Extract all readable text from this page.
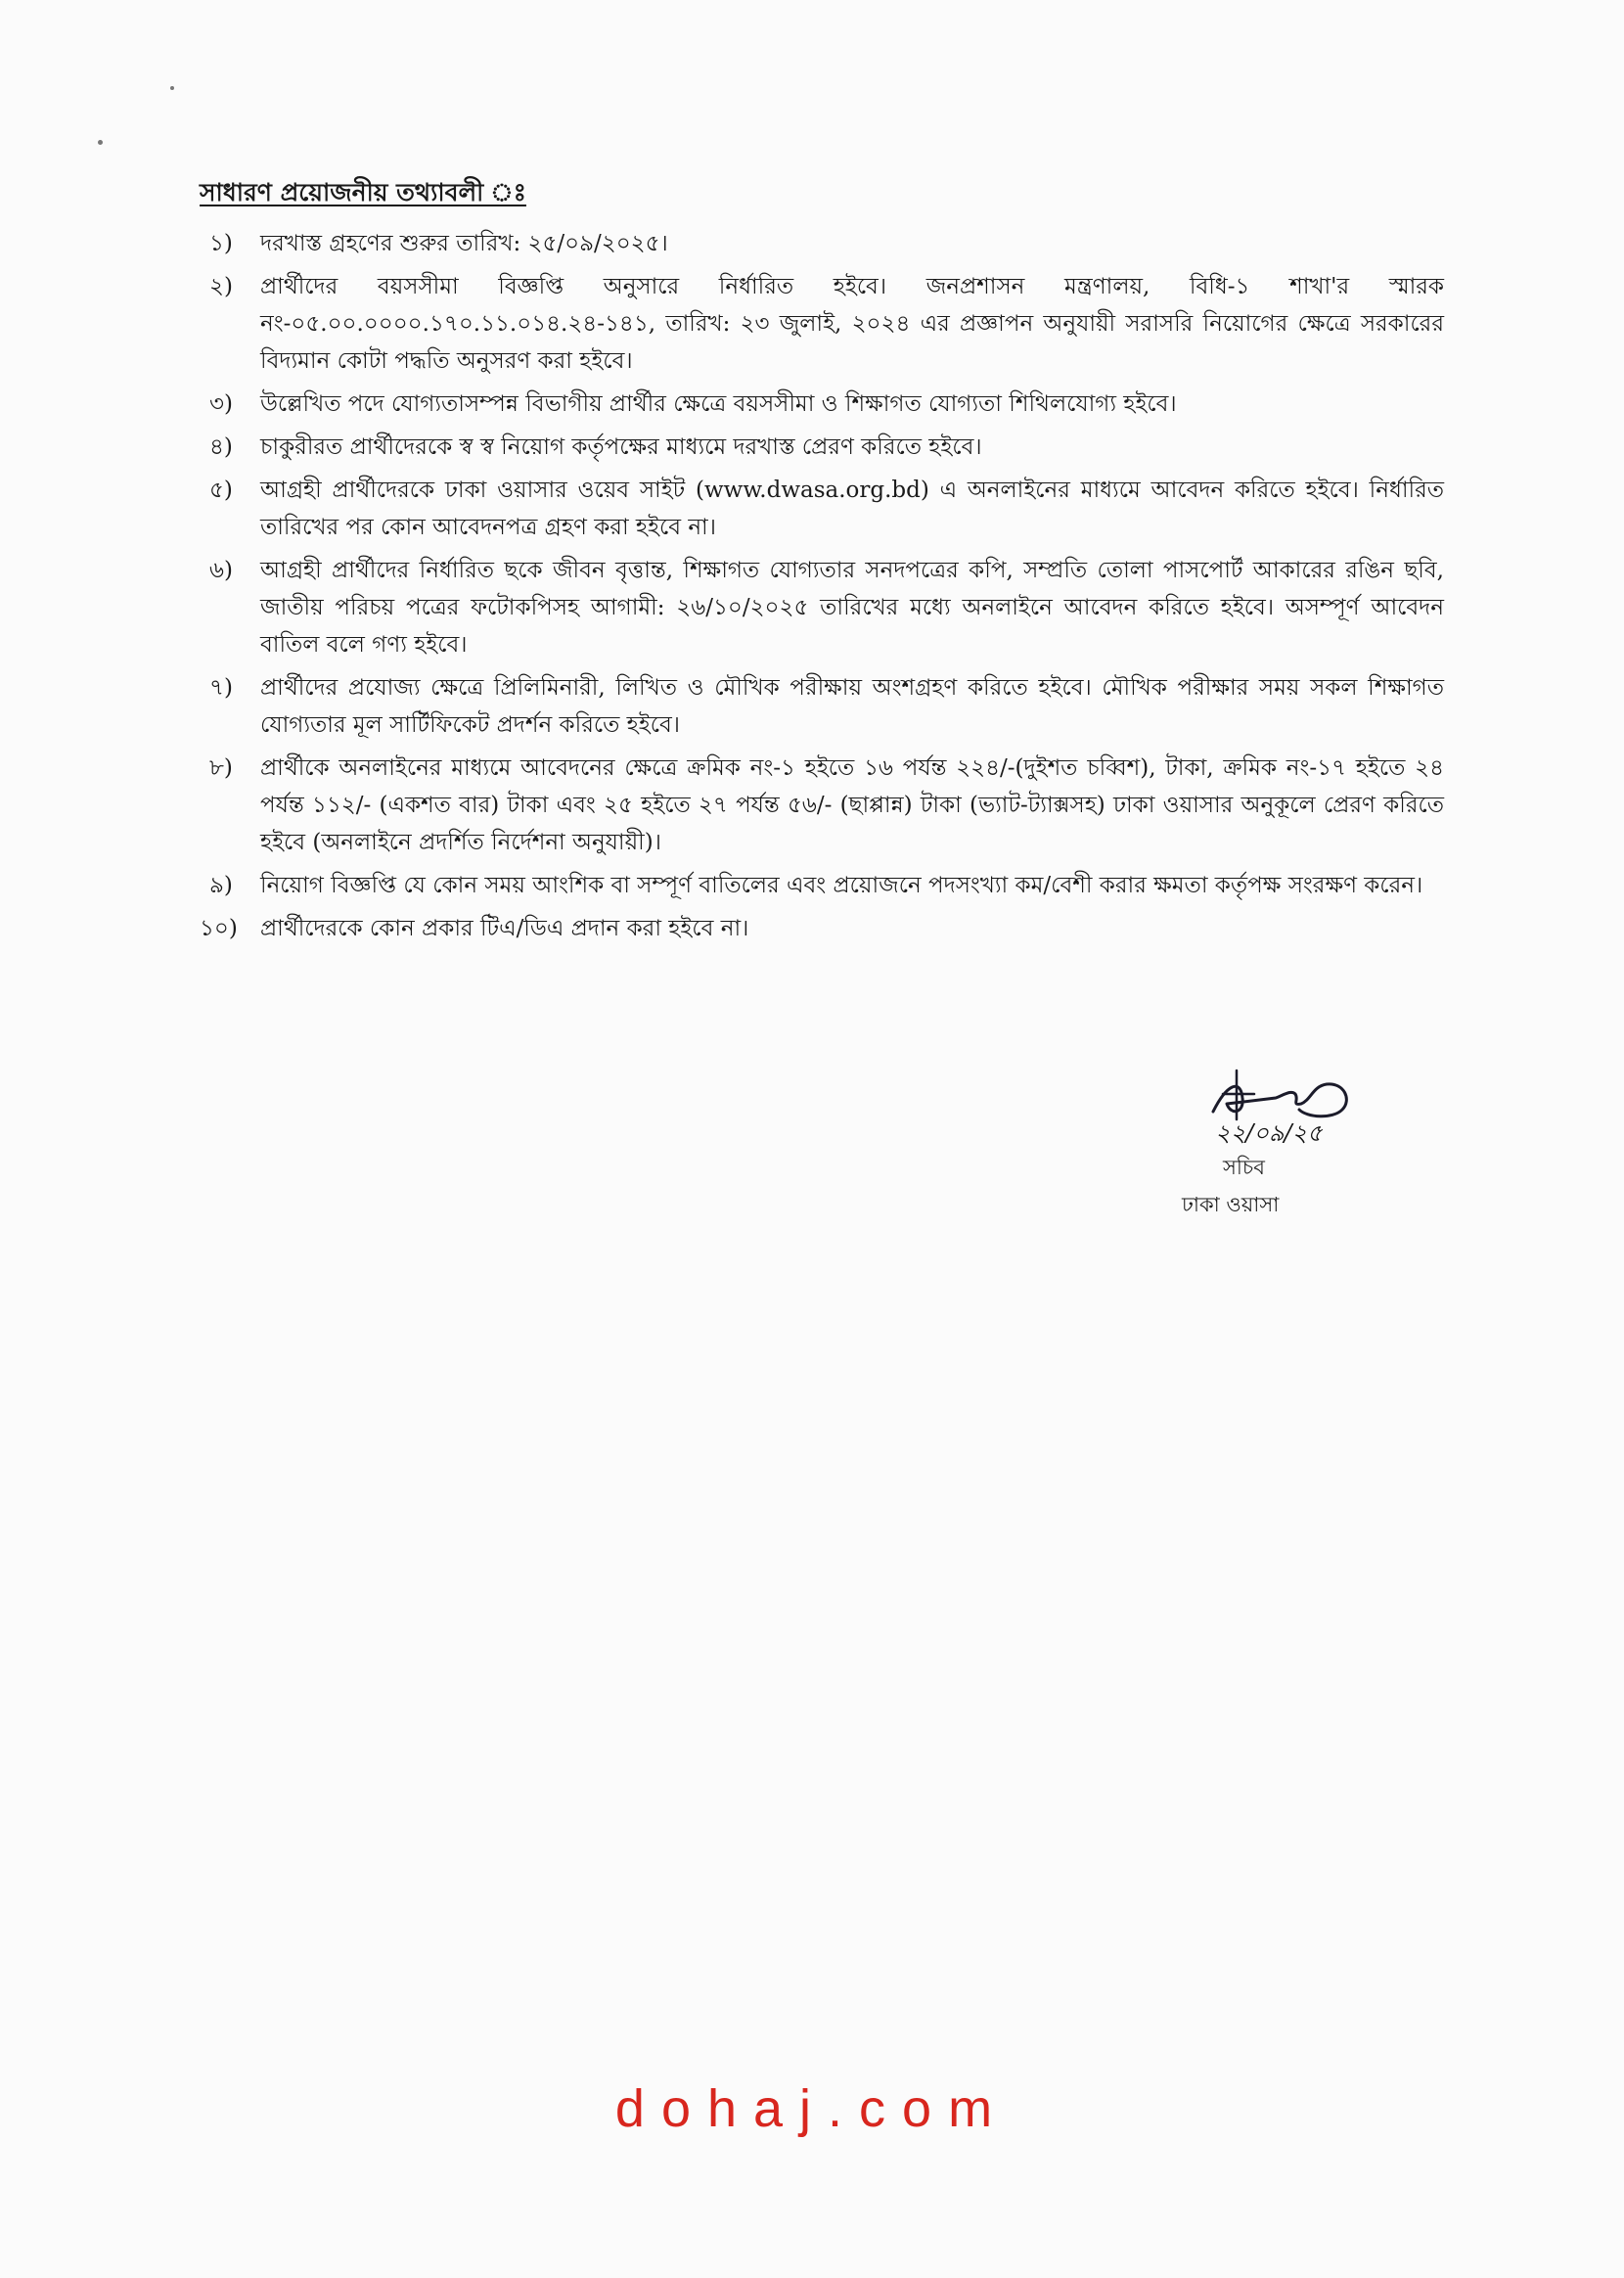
সাধারণ প্রয়োজনীয় তথ্যাবলী ঃ
১)	দরখাস্ত গ্রহণের শুরুর তারিখ: ২৫/০৯/২০২৫।
২)	প্রার্থীদের বয়সসীমা বিজ্ঞপ্তি অনুসারে নির্ধারিত হইবে। জনপ্রশাসন মন্ত্রণালয়, বিধি-১ শাখা'র স্মারক নং-০৫.০০.০০০০.১৭০.১১.০১৪.২৪-১৪১, তারিখ: ২৩ জুলাই, ২০২৪ এর প্রজ্ঞাপন অনুযায়ী সরাসরি নিয়োগের ক্ষেত্রে সরকারের বিদ্যমান কোটা পদ্ধতি অনুসরণ করা হইবে।
৩)	উল্লেখিত পদে যোগ্যতাসম্পন্ন বিভাগীয় প্রার্থীর ক্ষেত্রে বয়সসীমা ও শিক্ষাগত যোগ্যতা শিথিলযোগ্য হইবে।
৪)	চাকুরীরত প্রার্থীদেরকে স্ব স্ব নিয়োগ কর্তৃপক্ষের মাধ্যমে দরখাস্ত প্রেরণ করিতে হইবে।
৫)	আগ্রহী প্রার্থীদেরকে ঢাকা ওয়াসার ওয়েব সাইট (www.dwasa.org.bd) এ অনলাইনের মাধ্যমে আবেদন করিতে হইবে। নির্ধারিত তারিখের পর কোন আবেদনপত্র গ্রহণ করা হইবে না।
৬)	আগ্রহী প্রার্থীদের নির্ধারিত ছকে জীবন বৃত্তান্ত, শিক্ষাগত যোগ্যতার সনদপত্রের কপি, সম্প্রতি তোলা পাসপোর্ট আকারের রঙিন ছবি, জাতীয় পরিচয় পত্রের ফটোকপিসহ আগামী: ২৬/১০/২০২৫ তারিখের মধ্যে অনলাইনে আবেদন করিতে হইবে। অসম্পূর্ণ আবেদন বাতিল বলে গণ্য হইবে।
৭)	প্রার্থীদের প্রযোজ্য ক্ষেত্রে প্রিলিমিনারী, লিখিত ও মৌখিক পরীক্ষায় অংশগ্রহণ করিতে হইবে। মৌখিক পরীক্ষার সময় সকল শিক্ষাগত যোগ্যতার মূল সার্টিফিকেট প্রদর্শন করিতে হইবে।
৮)	প্রার্থীকে অনলাইনের মাধ্যমে আবেদনের ক্ষেত্রে ক্রমিক নং-১ হইতে ১৬ পর্যন্ত ২২৪/-(দুইশত চব্বিশ), টাকা, ক্রমিক নং-১৭ হইতে ২৪ পর্যন্ত ১১২/- (একশত বার) টাকা এবং ২৫ হইতে ২৭ পর্যন্ত ৫৬/- (ছাপ্পান্ন) টাকা (ভ্যাট-ট্যাক্সসহ) ঢাকা ওয়াসার অনুকূলে প্রেরণ করিতে হইবে (অনলাইনে প্রদর্শিত নির্দেশনা অনুযায়ী)।
৯)	নিয়োগ বিজ্ঞপ্তি যে কোন সময় আংশিক বা সম্পূর্ণ বাতিলের এবং প্রয়োজনে পদসংখ্যা কম/বেশী করার ক্ষমতা কর্তৃপক্ষ সংরক্ষণ করেন।
১০)	প্রার্থীদেরকে কোন প্রকার টিএ/ডিএ প্রদান করা হইবে না।
২২/০৯/২৫
সচিব
ঢাকা ওয়াসা
dohaj.com
